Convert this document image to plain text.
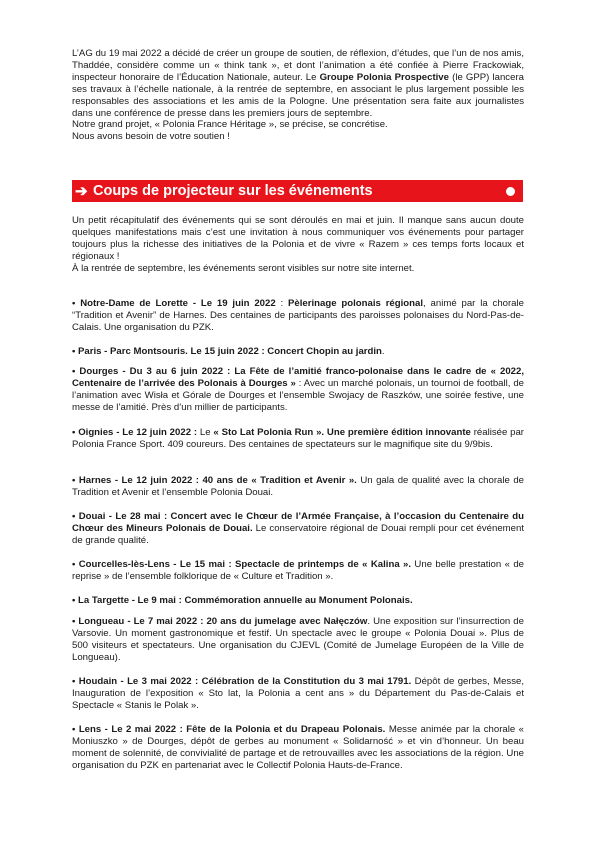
L’AG du 19 mai 2022 a décidé de créer un groupe de soutien, de réflexion, d’études, que l’un de nos amis, Thaddée, considère comme un « think tank », et dont l’animation a été confiée à Pierre Frackowiak, inspecteur honoraire de l’Éducation Nationale, auteur. Le Groupe Polonia Prospective (le GPP) lancera ses travaux à l’échelle nationale, à la rentrée de septembre, en associant le plus largement possible les responsables des associations et les amis de la Pologne. Une présentation sera faite aux journalistes dans une conférence de presse dans les premiers jours de septembre.

Notre grand projet, « Polonia France Héritage », se précise, se concrétise.

Nous avons besoin de votre soutien !

➔ Coups de projecteur sur les événements

Un petit récapitulatif des événements qui se sont déroulés en mai et juin. Il manque sans aucun doute quelques manifestations mais c’est une invitation à nous communiquer vos événements pour partager toujours plus la richesse des initiatives de la Polonia et de vivre « Razem » ces temps forts locaux et régionaux !

À la rentrée de septembre, les événements seront visibles sur notre site internet.

• Notre-Dame de Lorette - Le 19 juin 2022 : Pèlerinage polonais régional, animé par la chorale “Tradition et Avenir” de Harnes. Des centaines de participants des paroisses polonaises du Nord-Pas-de-Calais. Une organisation du PZK.

• Paris - Parc Montsouris. Le 15 juin 2022 : Concert Chopin au jardin.

• Dourges - Du 3 au 6 juin 2022 : La Fête de l’amitié franco-polonaise dans le cadre de « 2022, Centenaire de l’arrivée des Polonais à Dourges » : Avec un marché polonais, un tournoi de football, de l’animation avec Wisła et Górale de Dourges et l’ensemble Swojacy de Raszków, une soirée festive, une messe de l’amitié. Près d’un millier de participants.

• Oignies - Le 12 juin 2022 : Le « Sto Lat Polonia Run ». Une première édition innovante réalisée par Polonia France Sport. 409 coureurs. Des centaines de spectateurs sur le magnifique site du 9/9bis.

• Harnes - Le 12 juin 2022 : 40 ans de « Tradition et Avenir ». Un gala de qualité avec la chorale de Tradition et Avenir et l’ensemble Polonia Douai.

• Douai - Le 28 mai : Concert avec le Chœur de l’Armée Française, à l’occasion du Centenaire du Chœur des Mineurs Polonais de Douai. Le conservatoire régional de Douai rempli pour cet événement de grande qualité.

• Courcelles-lès-Lens - Le 15 mai : Spectacle de printemps de « Kalina ». Une belle prestation « de reprise » de l’ensemble folklorique de « Culture et Tradition ».

• La Targette - Le 9 mai : Commémoration annuelle au Monument Polonais.

• Longueau - Le 7 mai 2022 : 20 ans du jumelage avec Nałęczów. Une exposition sur l’insurrection de Varsovie. Un moment gastronomique et festif. Un spectacle avec le groupe « Polonia Douai ». Plus de 500 visiteurs et spectateurs. Une organisation du CJEVL (Comité de Jumelage Européen de la Ville de Longueau).

• Houdain - Le 3 mai 2022 : Célébration de la Constitution du 3 mai 1791. Dépôt de gerbes, Messe, Inauguration de l’exposition « Sto lat, la Polonia a cent ans » du Département du Pas-de-Calais et Spectacle « Stanis le Polak ».

• Lens - Le 2 mai 2022 : Fête de la Polonia et du Drapeau Polonais. Messe animée par la chorale « Moniuszko » de Dourges, dépôt de gerbes au monument « Solidarność » et vin d’honneur. Un beau moment de solennité, de convivialité de partage et de retrouvailles avec les associations de la région. Une organisation du PZK en partenariat avec le Collectif Polonia Hauts-de-France.
